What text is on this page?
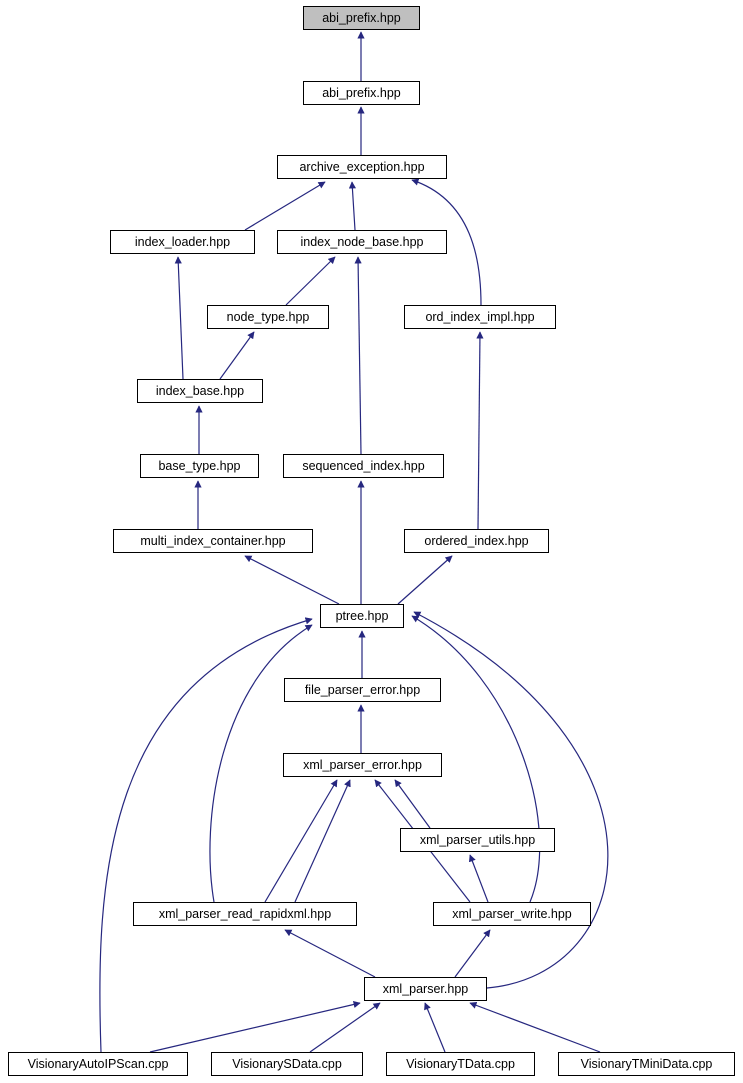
abi_prefix.hpp
abi_prefix.hpp
archive_exception.hpp
index_loader.hpp	index_node_base.hpp
node_type.hpp	ord_index_impl.hpp
index_base.hpp
base_type.hpp	sequenced_index.hpp
multi_index_container.hpp	ordered_index.hpp
ptree.hpp
file_parser_error.hpp
xml_parser_error.hpp
xml_parser_utils.hpp
xml_parser_read_rapidxml.hpp	xml_parser_write.hpp
xml_parser.hpp
VisionaryAutoIPScan.cpp	VisionarySData.cpp	VisionaryTData.cpp	VisionaryTMiniData.cpp
